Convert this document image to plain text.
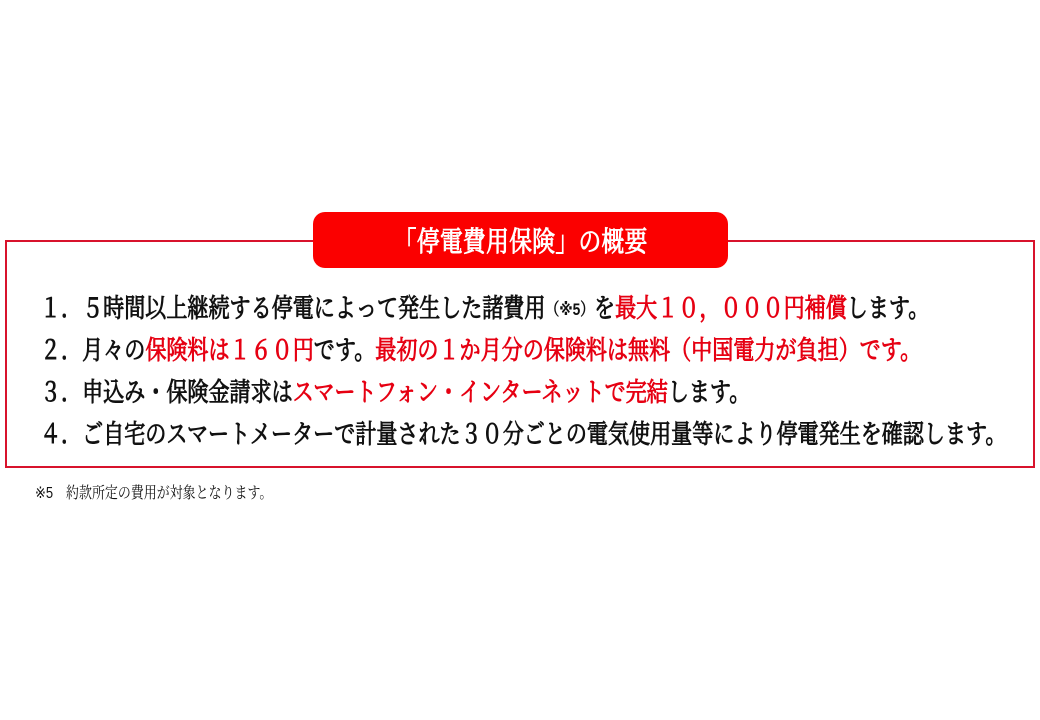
「停電費用保険」の概要
１．５時間以上継続する停電によって発生した諸費用（※5）を最大１０，０００円補償します。
２．月々の保険料は１６０円です。最初の１か月分の保険料は無料（中国電力が負担）です。
３．申込み・保険金請求はスマートフォン・インターネットで完結します。
４．ご自宅のスマートメーターで計量された３０分ごとの電気使用量等により停電発生を確認します。
※5　約款所定の費用が対象となります。
